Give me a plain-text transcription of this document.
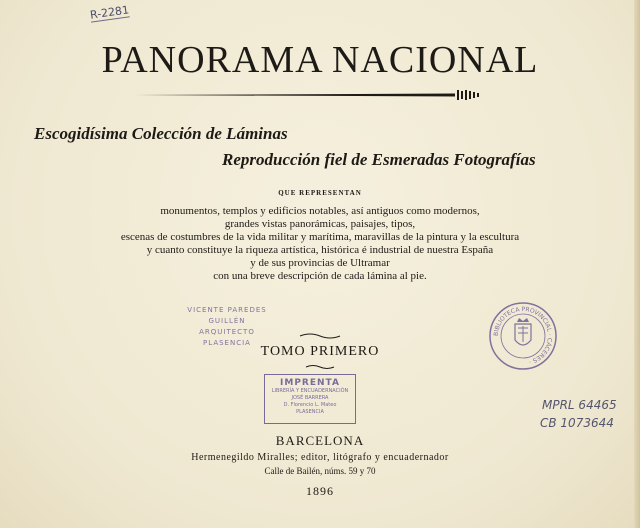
R-2281
PANORAMA NACIONAL
Escogidísima Colección de Láminas
Reproducción fiel de Esmeradas Fotografías
QUE REPRESENTAN
monumentos, templos y edificios notables, así antiguos como modernos,
grandes vistas panorámicas, paisajes, tipos,
escenas de costumbres de la vida militar y marítima, maravillas de la pintura y la escultura
y cuanto constituye la riqueza artística, histórica é industrial de nuestra España
y de sus provincias de Ultramar
con una breve descripción de cada lámina al pie.
TOMO PRIMERO
VICENTE PAREDES
GUILLÉN
ARQUITECTO
PLASENCIA
BIBLIOTECA PROVINCIAL · CÁCERES ·
IMPRENTA
LIBRERÍA Y ENCUADERNACIÓN
JOSÉ BARRERA
D. Florencio L. Mateo
PLASENCIA	MPRL 64465
CB 1073644
BARCELONA
Hermenegildo Miralles; editor, litógrafo y encuadernador
Calle de Bailén, núms. 59 y 70
1896
